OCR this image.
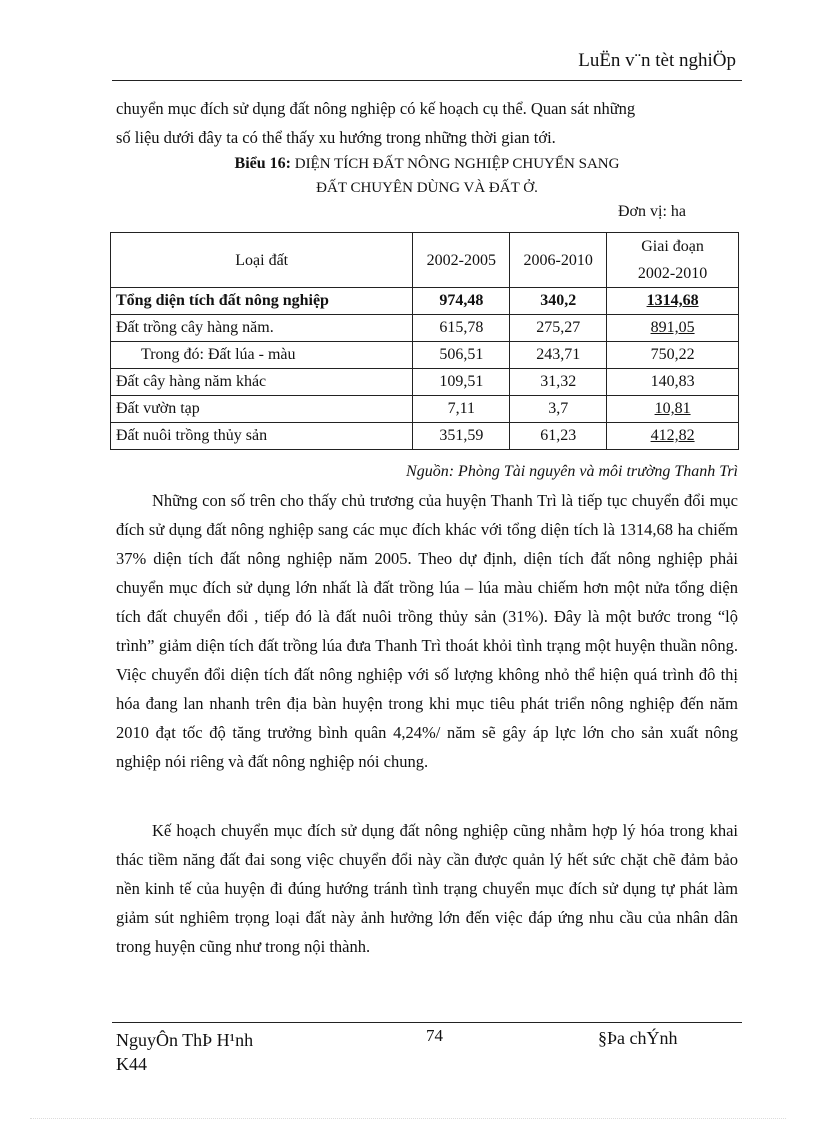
LuËn v¨n tèt nghiÖp
chuyển mục đích sử dụng đất nông nghiệp có kế hoạch cụ thể. Quan sát những
số liệu dưới đây ta có thể thấy xu hướng trong những thời gian tới.
Biểu 16: DIỆN TÍCH ĐẤT NÔNG NGHIỆP CHUYỂN SANG
ĐẤT CHUYÊN DÙNG VÀ ĐẤT Ở.
Đơn vị: ha
Loại đất	2002-2005	2006-2010	Giai đoạn
2002-2010

Tổng diện tích đất nông nghiệp	974,48	340,2	1314,68
Đất trồng cây hàng năm.	615,78	275,27	891,05
Trong đó: Đất lúa - màu	506,51	243,71	750,22
Đất cây hàng năm khác	109,51	31,32	140,83
Đất vườn tạp	7,11	3,7	10,81
Đất nuôi trồng thủy sản	351,59	61,23	412,82
Nguồn: Phòng Tài nguyên và môi trường Thanh Trì

Những con số trên cho thấy chủ trương của huyện Thanh Trì là tiếp tục chuyển đổi mục đích sử dụng đất nông nghiệp sang các mục đích khác với tổng diện tích là 1314,68 ha chiếm 37% diện tích đất nông nghiệp năm 2005. Theo dự định, diện tích đất nông nghiệp phải chuyển mục đích sử dụng lớn nhất là đất trồng lúa – lúa màu chiếm hơn một nửa tổng diện tích đất chuyển đổi , tiếp đó là đất nuôi trồng thủy sản (31%). Đây là một bước trong “lộ trình” giảm diện tích đất trồng lúa đưa Thanh Trì thoát khỏi tình trạng một huyện thuần nông. Việc chuyển đổi diện tích đất nông nghiệp với số lượng không nhỏ thể hiện quá trình đô thị hóa đang lan nhanh trên địa bàn huyện trong khi mục tiêu phát triển nông nghiệp đến năm 2010 đạt tốc độ tăng trưởng bình quân 4,24%/ năm sẽ gây áp lực lớn cho sản xuất nông nghiệp nói riêng và đất nông nghiệp nói chung.

Kế hoạch chuyển mục đích sử dụng đất nông nghiệp cũng nhằm hợp lý hóa trong khai thác tiềm năng đất đai song việc chuyển đổi này cần được quản lý hết sức chặt chẽ đảm bảo nền kinh tế của huyện đi đúng hướng tránh tình trạng chuyển mục đích sử dụng tự phát làm giảm sút nghiêm trọng loại đất này ảnh hưởng lớn đến việc đáp ứng nhu cầu của nhân dân trong huyện cũng như trong nội thành.

NguyÔn ThÞ H¹nh
K44
74	§Þa chÝnh
